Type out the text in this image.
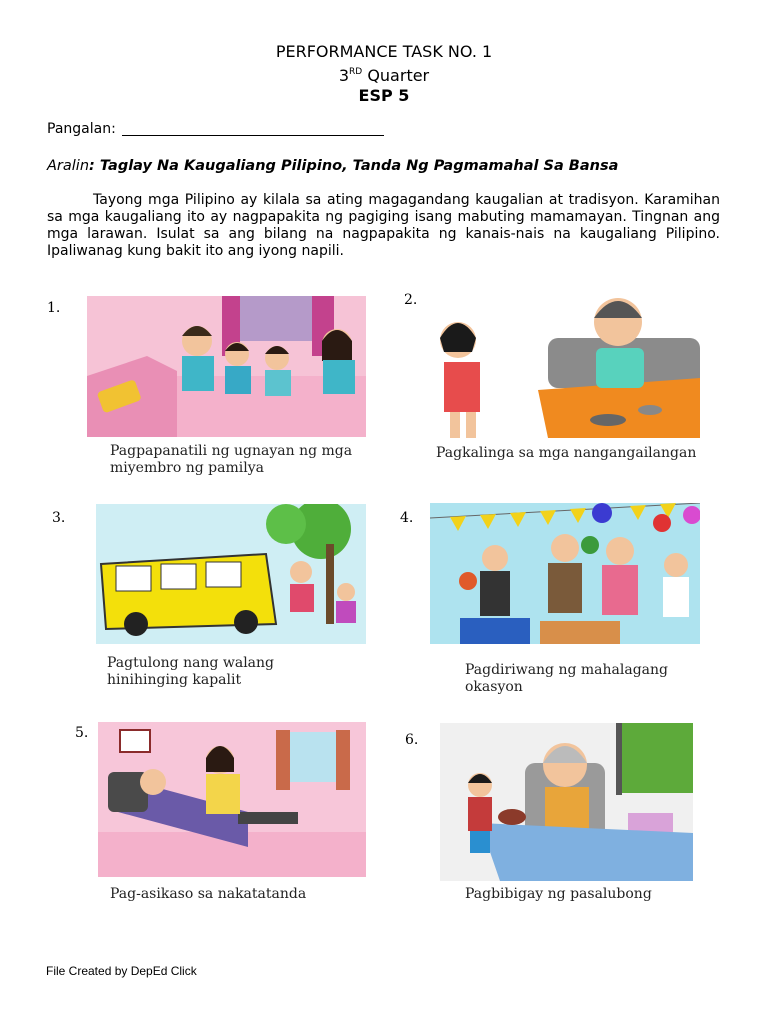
PERFORMANCE TASK NO. 1
3RD Quarter
ESP 5
Pangalan:
Aralin: Taglay Na Kaugaliang Pilipino, Tanda Ng Pagmamahal Sa Bansa
Tayong mga Pilipino ay kilala sa ating magagandang kaugalian at tradisyon. Karamihan sa mga kaugaliang ito ay nagpapakita ng pagiging isang mabuting mamamayan. Tingnan ang mga larawan. Isulat sa ang bilang na nagpapakita ng kanais-nais na kaugaliang Pilipino. Ipaliwanag kung bakit ito ang iyong napili.
1.
Pagpapanatili ng ugnayan ng mga
miyembro ng pamilya
2.
Pagkalinga sa mga nangangailangan
3.
Pagtulong nang walang
hinihinging kapalit
4.
Pagdiriwang ng mahalagang
okasyon
5.
Pag-asikaso sa nakatatanda
6.
Pagbibigay ng pasalubong
File Created by DepEd Click
